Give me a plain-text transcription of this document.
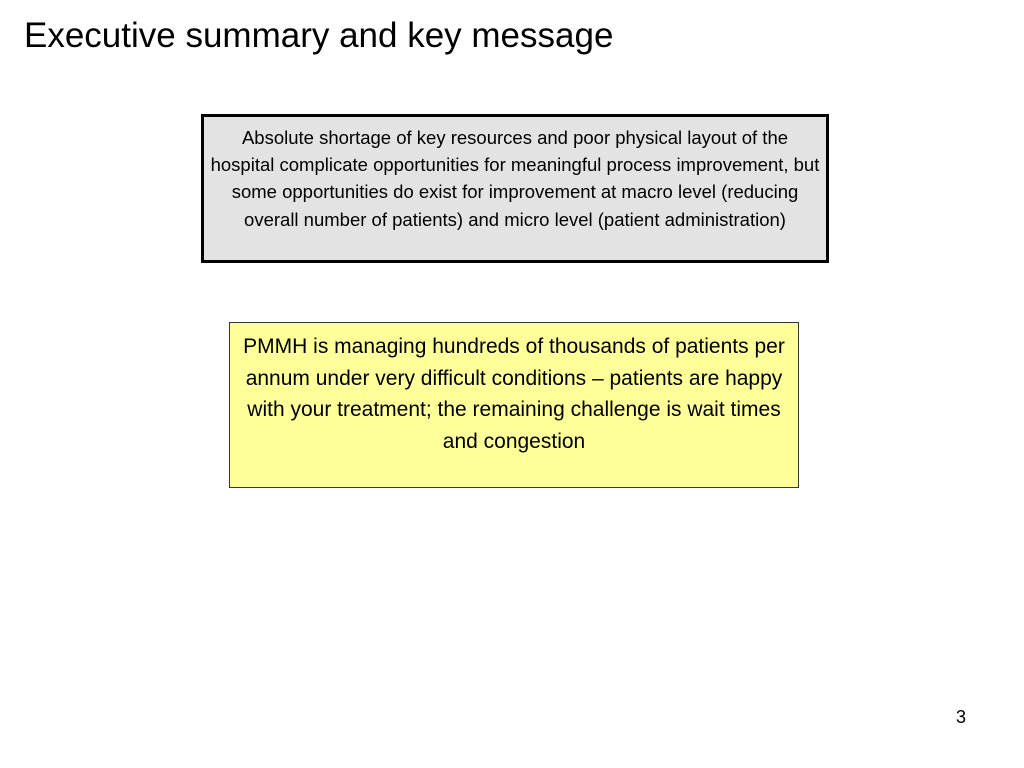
Executive summary and key message
Absolute shortage of key resources and poor physical layout of the hospital complicate opportunities for meaningful process improvement, but some opportunities do exist for improvement at macro level (reducing overall number of patients) and micro level (patient administration)
PMMH is managing hundreds of thousands of patients per annum under very difficult conditions – patients are happy with your treatment; the remaining challenge is wait times and congestion
3
